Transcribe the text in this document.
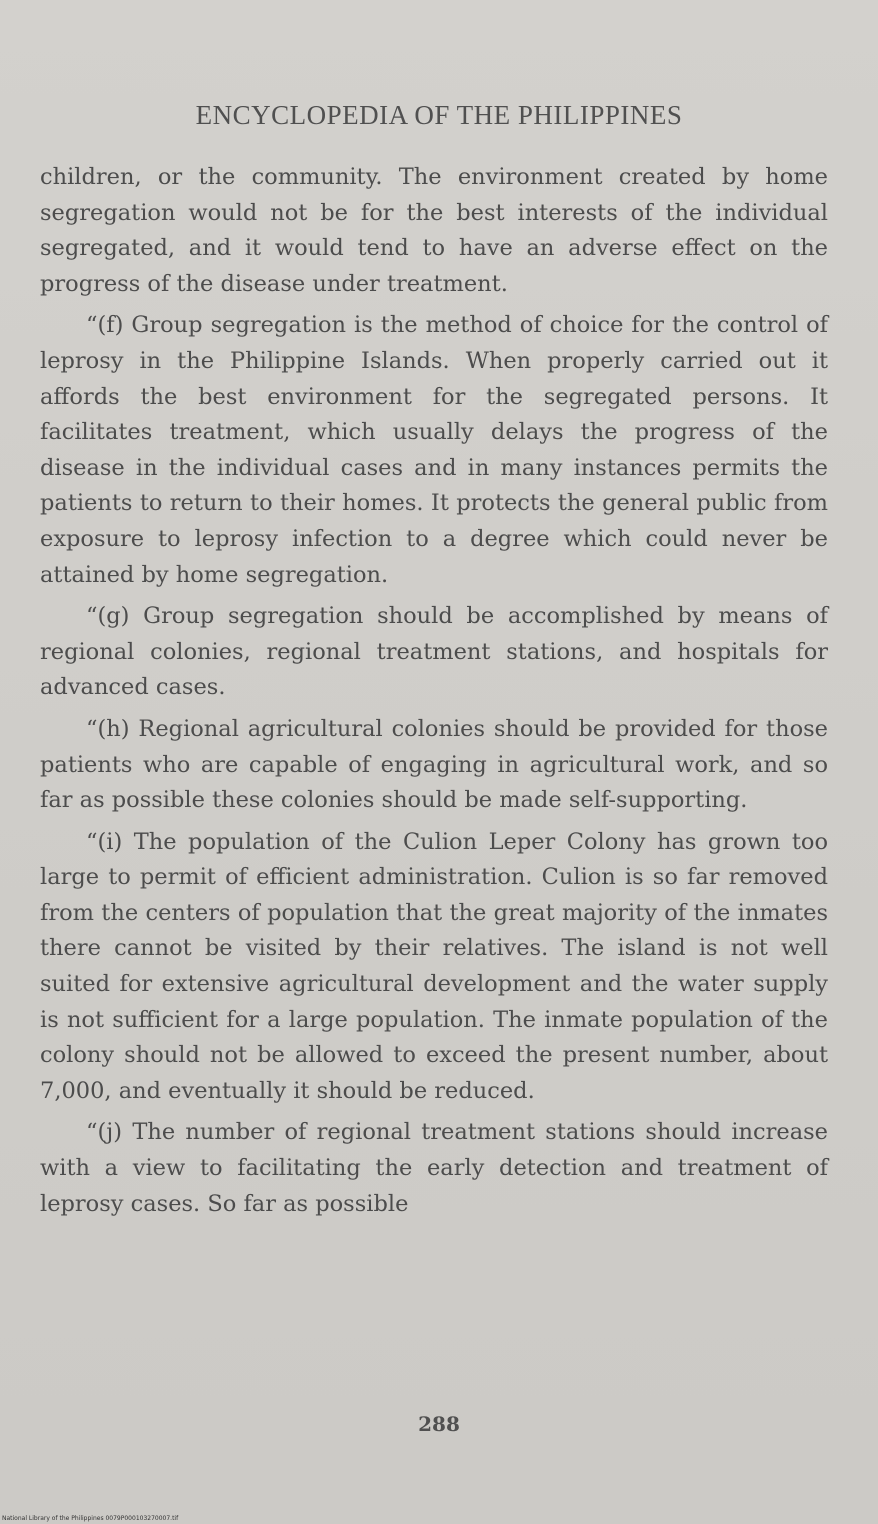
ENCYCLOPEDIA OF THE PHILIPPINES

children, or the community. The environment created by home segregation would not be for the best interests of the individual segregated, and it would tend to have an adverse effect on the progress of the disease under treatment.

“(f) Group segregation is the method of choice for the control of leprosy in the Philippine Islands. When properly carried out it affords the best environment for the segregated persons. It facilitates treatment, which usually delays the progress of the disease in the individual cases and in many instances permits the patients to return to their homes. It protects the general public from exposure to leprosy infection to a degree which could never be attained by home segregation.

“(g) Group segregation should be accomplished by means of regional colonies, regional treatment stations, and hospitals for advanced cases.

“(h) Regional agricultural colonies should be provided for those patients who are capable of engaging in agricultural work, and so far as possible these colonies should be made self-supporting.

“(i) The population of the Culion Leper Colony has grown too large to permit of efficient administration. Culion is so far removed from the centers of population that the great majority of the inmates there cannot be visited by their relatives. The island is not well suited for extensive agricultural development and the water supply is not sufficient for a large population. The inmate population of the colony should not be allowed to exceed the present number, about 7,000, and eventually it should be reduced.

“(j) The number of regional treatment stations should increase with a view to facilitating the early detection and treatment of leprosy cases. So far as possible

288
National Library of the Philippines 0079P000103270007.tif
